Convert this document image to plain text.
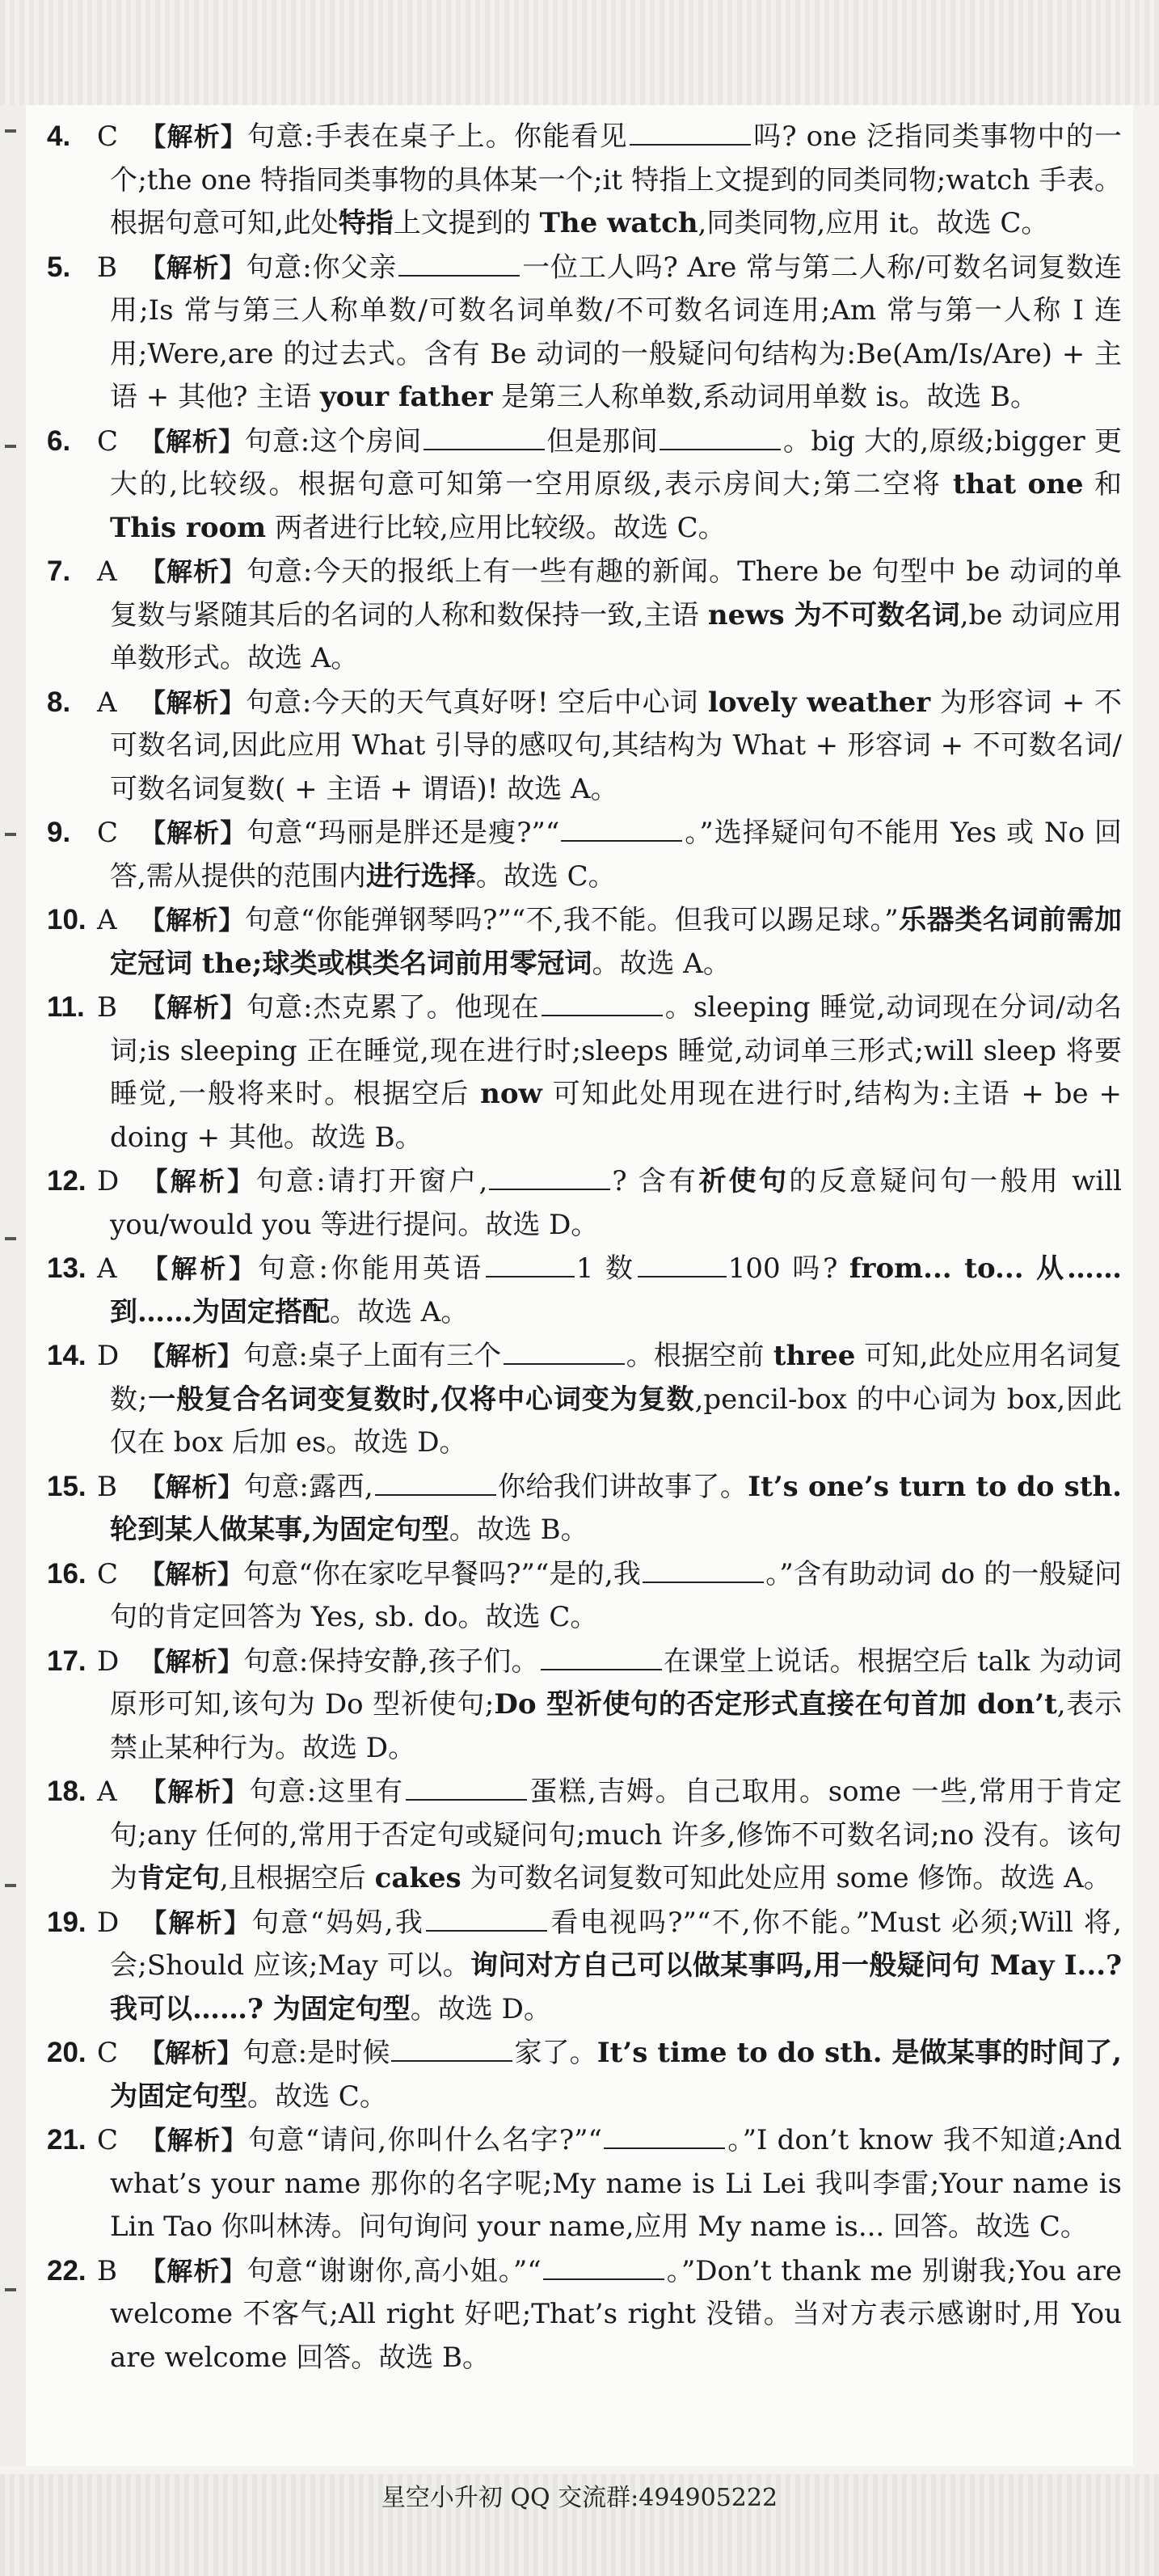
4. C 【解析】句意:手表在桌子上。你能看见	吗? one 泛指同类事物中的一个;the one 特指同类事物的具体某一个;it 特指上文提到的同类同物;watch 手表。根据句意可知,此处特指上文提到的 The watch,同类同物,应用 it。故选 C。

5. B 【解析】句意:你父亲	一位工人吗? Are 常与第二人称/可数名词复数连用;Is 常与第三人称单数/可数名词单数/不可数名词连用;Am 常与第一人称 I 连用;Were,are 的过去式。含有 Be 动词的一般疑问句结构为:Be(Am/Is/Are) + 主语 + 其他? 主语 your father 是第三人称单数,系动词用单数 is。故选 B。

6. C 【解析】句意:这个房间	但是那间	。big 大的,原级;bigger 更大的,比较级。根据句意可知第一空用原级,表示房间大;第二空将 that one 和 This room 两者进行比较,应用比较级。故选 C。

7. A 【解析】句意:今天的报纸上有一些有趣的新闻。There be 句型中 be 动词的单复数与紧随其后的名词的人称和数保持一致,主语 news 为不可数名词,be 动词应用单数形式。故选 A。

8. A 【解析】句意:今天的天气真好呀! 空后中心词 lovely weather 为形容词 + 不可数名词,因此应用 What 引导的感叹句,其结构为 What + 形容词 + 不可数名词/可数名词复数( + 主语 + 谓语)! 故选 A。

9. C 【解析】句意“玛丽是胖还是瘦?”“	。”选择疑问句不能用 Yes 或 No 回答,需从提供的范围内进行选择。故选 C。

10. A 【解析】句意“你能弹钢琴吗?”“不,我不能。但我可以踢足球。”乐器类名词前需加定冠词 the;球类或棋类名词前用零冠词。故选 A。

11. B 【解析】句意:杰克累了。他现在	。sleeping 睡觉,动词现在分词/动名词;is sleeping 正在睡觉,现在进行时;sleeps 睡觉,动词单三形式;will sleep 将要睡觉,一般将来时。根据空后 now 可知此处用现在进行时,结构为:主语 + be + doing + 其他。故选 B。

12. D 【解析】句意:请打开窗户,	? 含有祈使句的反意疑问句一般用 will you/would you 等进行提问。故选 D。

13. A 【解析】句意:你能用英语	1 数	100 吗? from... to... 从……到……为固定搭配。故选 A。

14. D 【解析】句意:桌子上面有三个	。根据空前 three 可知,此处应用名词复数;一般复合名词变复数时,仅将中心词变为复数,pencil-box 的中心词为 box,因此仅在 box 后加 es。故选 D。

15. B 【解析】句意:露西,	你给我们讲故事了。It’s one’s turn to do sth. 轮到某人做某事,为固定句型。故选 B。

16. C 【解析】句意“你在家吃早餐吗?”“是的,我	。”含有助动词 do 的一般疑问句的肯定回答为 Yes, sb. do。故选 C。

17. D 【解析】句意:保持安静,孩子们。	在课堂上说话。根据空后 talk 为动词原形可知,该句为 Do 型祈使句;Do 型祈使句的否定形式直接在句首加 don’t,表示禁止某种行为。故选 D。

18. A 【解析】句意:这里有	蛋糕,吉姆。自己取用。some 一些,常用于肯定句;any 任何的,常用于否定句或疑问句;much 许多,修饰不可数名词;no 没有。该句为肯定句,且根据空后 cakes 为可数名词复数可知此处应用 some 修饰。故选 A。

19. D 【解析】句意“妈妈,我	看电视吗?”“不,你不能。”Must 必须;Will 将,会;Should 应该;May 可以。询问对方自己可以做某事吗,用一般疑问句 May I...? 我可以……? 为固定句型。故选 D。

20. C 【解析】句意:是时候	家了。It’s time to do sth. 是做某事的时间了,为固定句型。故选 C。

21. C 【解析】句意“请问,你叫什么名字?”“	。”I don’t know 我不知道;And what’s your name 那你的名字呢;My name is Li Lei 我叫李雷;Your name is Lin Tao 你叫林涛。问句询问 your name,应用 My name is... 回答。故选 C。

22. B 【解析】句意“谢谢你,高小姐。”“	。”Don’t thank me 别谢我;You are welcome 不客气;All right 好吧;That’s right 没错。当对方表示感谢时,用 You are welcome 回答。故选 B。

星空小升初 QQ 交流群:494905222
